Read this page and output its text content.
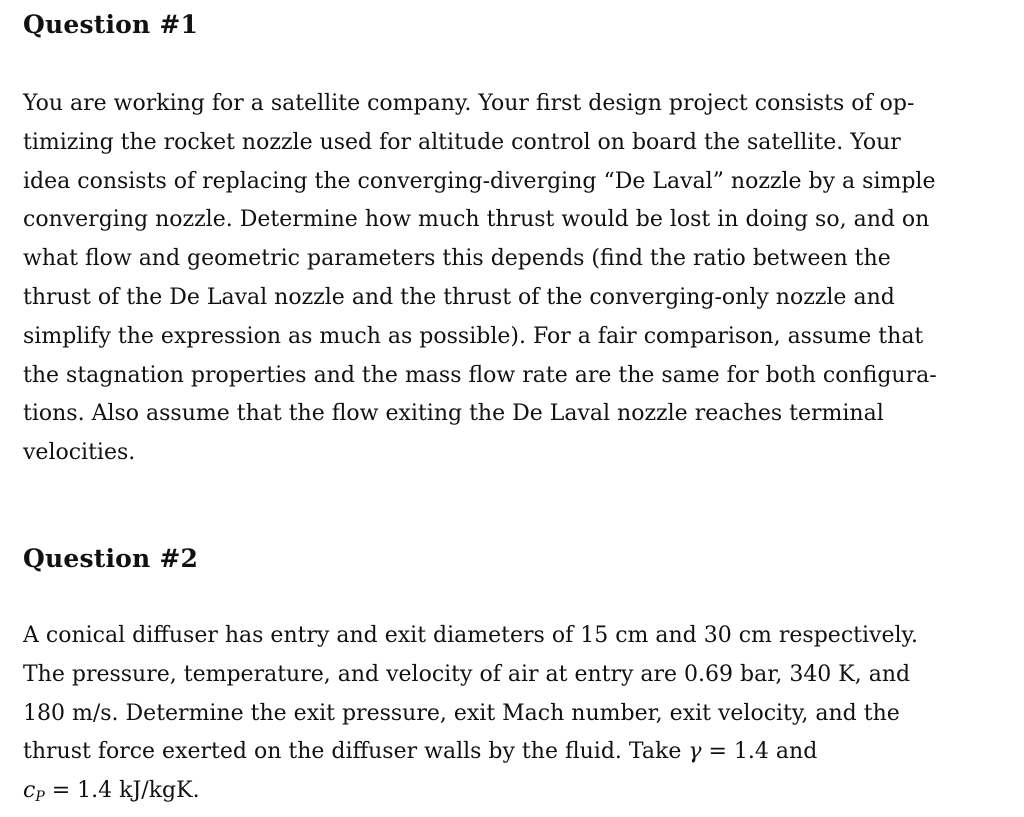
Question #1

You are working for a satellite company. Your first design project consists of op-
timizing the rocket nozzle used for altitude control on board the satellite. Your
idea consists of replacing the converging-diverging “De Laval” nozzle by a simple
converging nozzle. Determine how much thrust would be lost in doing so, and on
what flow and geometric parameters this depends (find the ratio between the
thrust of the De Laval nozzle and the thrust of the converging-only nozzle and
simplify the expression as much as possible). For a fair comparison, assume that
the stagnation properties and the mass flow rate are the same for both configura-
tions. Also assume that the flow exiting the De Laval nozzle reaches terminal
velocities.

Question #2

A conical diffuser has entry and exit diameters of 15 cm and 30 cm respectively.
The pressure, temperature, and velocity of air at entry are 0.69 bar, 340 K, and
180 m/s. Determine the exit pressure, exit Mach number, exit velocity, and the
thrust force exerted on the diffuser walls by the fluid. Take γ = 1.4 and
cP = 1.4 kJ/kgK.
